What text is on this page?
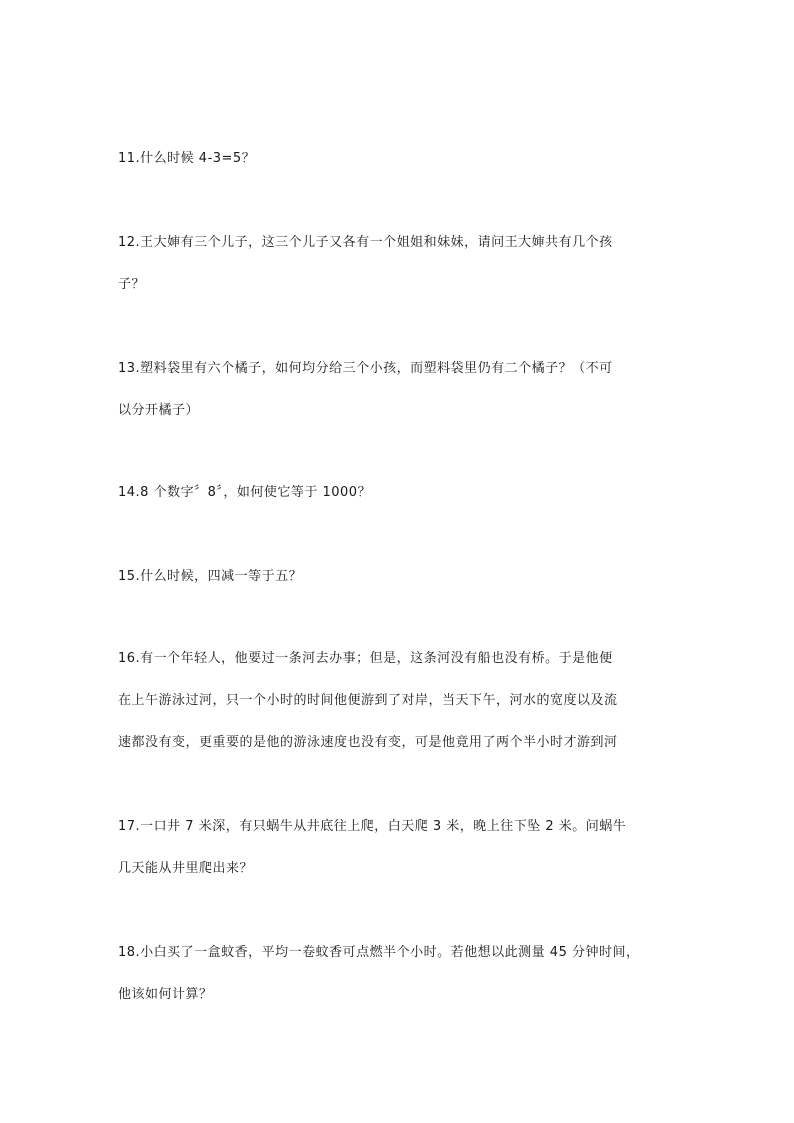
11.什么时候 4-3=5？
12.王大婶有三个儿子，这三个儿子又各有一个姐姐和妹妹，请问王大婶共有几个孩
子？
13.塑料袋里有六个橘子，如何均分给三个小孩，而塑料袋里仍有二个橘子？（不可
以分开橘子）
14.8 个数字〞8〞，如何使它等于 1000？
15.什么时候，四减一等于五？
16.有一个年轻人，他要过一条河去办事；但是，这条河没有船也没有桥。于是他便
在上午游泳过河，只一个小时的时间他便游到了对岸，当天下午，河水的宽度以及流
速都没有变，更重要的是他的游泳速度也没有变，可是他竟用了两个半小时才游到河
17.一口井 7 米深，有只蜗牛从井底往上爬，白天爬 3 米，晚上往下坠 2 米。问蜗牛
几天能从井里爬出来？
18.小白买了一盒蚊香，平均一卷蚊香可点燃半个小时。若他想以此测量 45 分钟时间，
他该如何计算？
